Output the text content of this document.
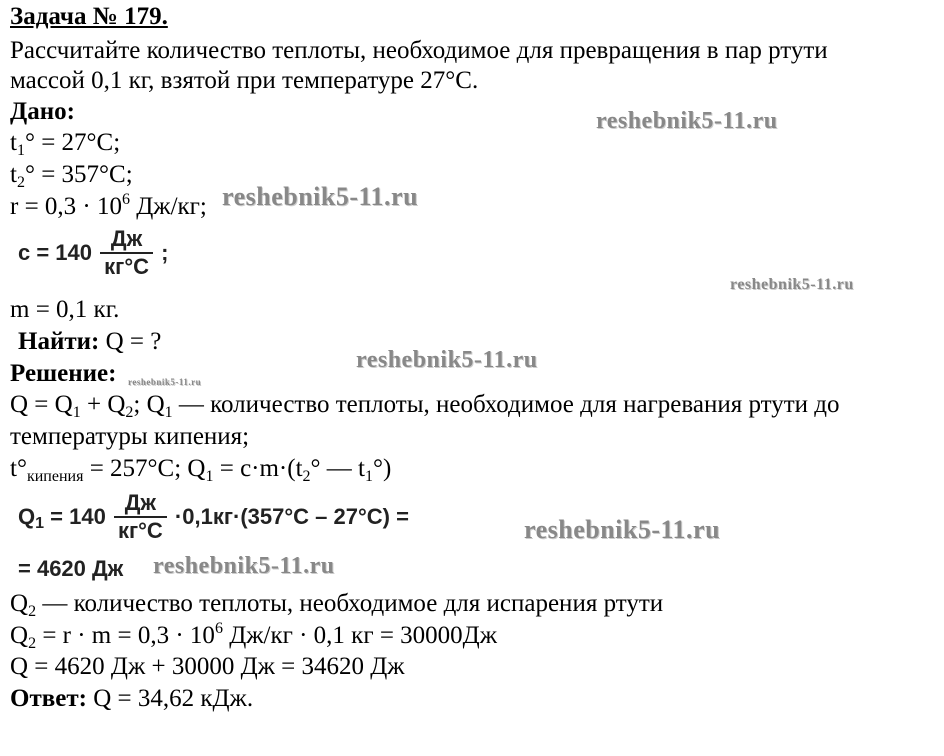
Задача № 179.
Рассчитайте количество теплоты, необходимое для превращения в пар ртути
массой 0,1 кг, взятой при температуре 27°C.
Дано:
$t_1^\circ = 27^\circ C$;
$t_2^\circ = 357^\circ C$;
$r = 0,3 \cdot 10^6$ Дж/кг;
$c = 140 \frac{Дж}{кг^\circ С}$ ;
m = 0,1 кг.
Найти: Q = ?
Решение:
$Q = Q_1 + Q_2$; $Q_1$ — количество теплоты, необходимое для нагревания ртути до
температуры кипения;
$t^\circ_{кипения} = 257^\circ C$; $Q_1 = c\cdot m\cdot(t_2^\circ$ — $t_1^\circ$)
$Q_1 = 140 \frac{Дж}{кг^\circ С} \cdot 0,1кг\cdot(357^\circ С - 27^\circ С)$ =
= 4620 Дж
$Q_2$ — количество теплоты, необходимое для испарения ртути
$Q_2 = r \cdot m = 0,3 \cdot 10^6$ Дж/кг · 0,1 кг = 30000Дж
Q = 4620 Дж + 30000 Дж = 34620 Дж
Ответ: Q = 34,62 кДж.
reshebnik5-11.ru
reshebnik5-11.ru
reshebnik5-11.ru
reshebnik5-11.ru
reshebnik5-11.ru
reshebnik5-11.ru
reshebnik5-11.ru
